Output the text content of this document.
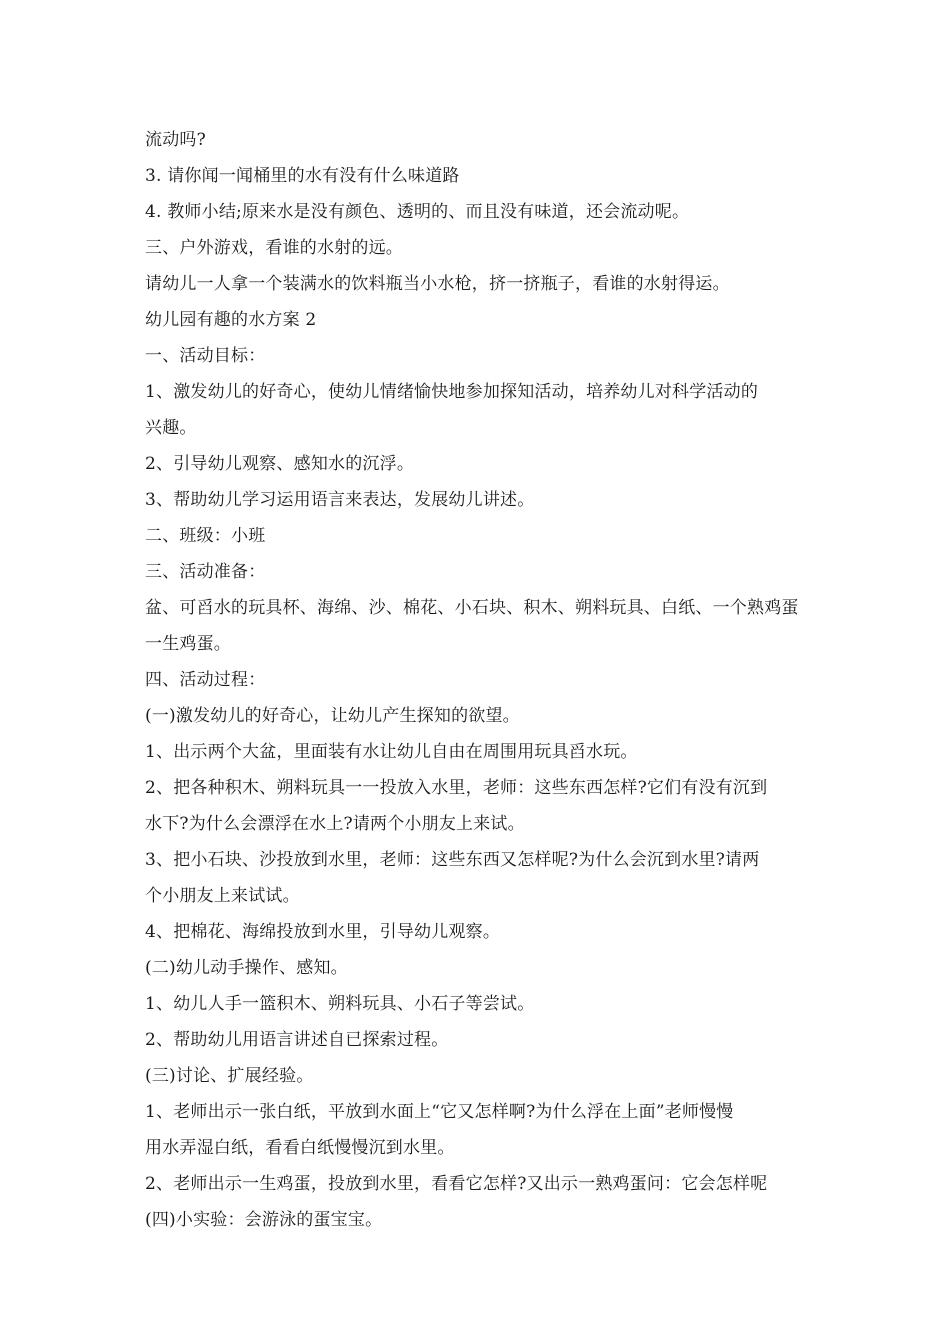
流动吗?

3. 请你闻一闻桶里的水有没有什么味道路

4. 教师小结;原来水是没有颜色、透明的、而且没有味道，还会流动呢。

三、户外游戏，看谁的水射的远。

请幼儿一人拿一个装满水的饮料瓶当小水枪，挤一挤瓶子，看谁的水射得运。

幼儿园有趣的水方案 2

一、活动目标：

1、激发幼儿的好奇心，使幼儿情绪愉快地参加探知活动，培养幼儿对科学活动的

兴趣。

2、引导幼儿观察、感知水的沉浮。

3、帮助幼儿学习运用语言来表达，发展幼儿讲述。

二、班级：小班

三、活动准备：

盆、可舀水的玩具杯、海绵、沙、棉花、小石块、积木、朔料玩具、白纸、一个熟鸡蛋

一生鸡蛋。

四、活动过程：

(一)激发幼儿的好奇心，让幼儿产生探知的欲望。

1、出示两个大盆，里面装有水让幼儿自由在周围用玩具舀水玩。

2、把各种积木、朔料玩具一一投放入水里，老师：这些东西怎样?它们有没有沉到

水下?为什么会漂浮在水上?请两个小朋友上来试。

3、把小石块、沙投放到水里，老师：这些东西又怎样呢?为什么会沉到水里?请两

个小朋友上来试试。

4、把棉花、海绵投放到水里，引导幼儿观察。

(二)幼儿动手操作、感知。

1、幼儿人手一篮积木、朔料玩具、小石子等尝试。

2、帮助幼儿用语言讲述自已探索过程。

(三)讨论、扩展经验。

1、老师出示一张白纸，平放到水面上“它又怎样啊?为什么浮在上面”老师慢慢

用水弄湿白纸，看看白纸慢慢沉到水里。

2、老师出示一生鸡蛋，投放到水里，看看它怎样?又出示一熟鸡蛋问：它会怎样呢

(四)小实验：会游泳的蛋宝宝。
